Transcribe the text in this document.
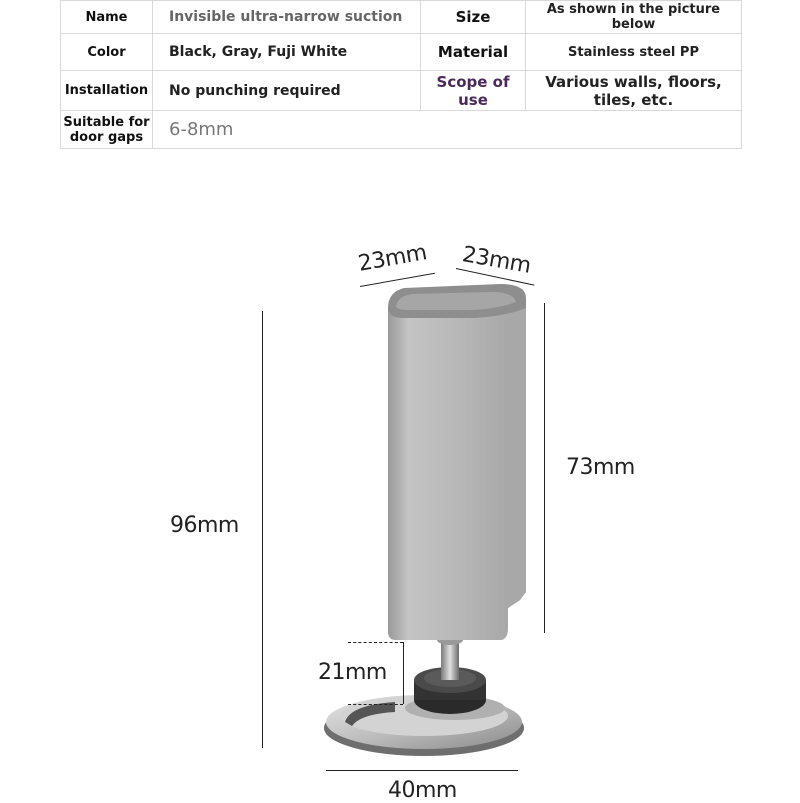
Name	Invisible ultra-narrow suction	Size	As shown in the picture below
Color	Black, Gray, Fuji White	Material	Stainless steel PP
Installation	No punching required	Scope of use	Various walls, floors, tiles, etc.
Suitable for door gaps	6-8mm		
23mm 23mm
96mm
73mm
21mm
40mm
